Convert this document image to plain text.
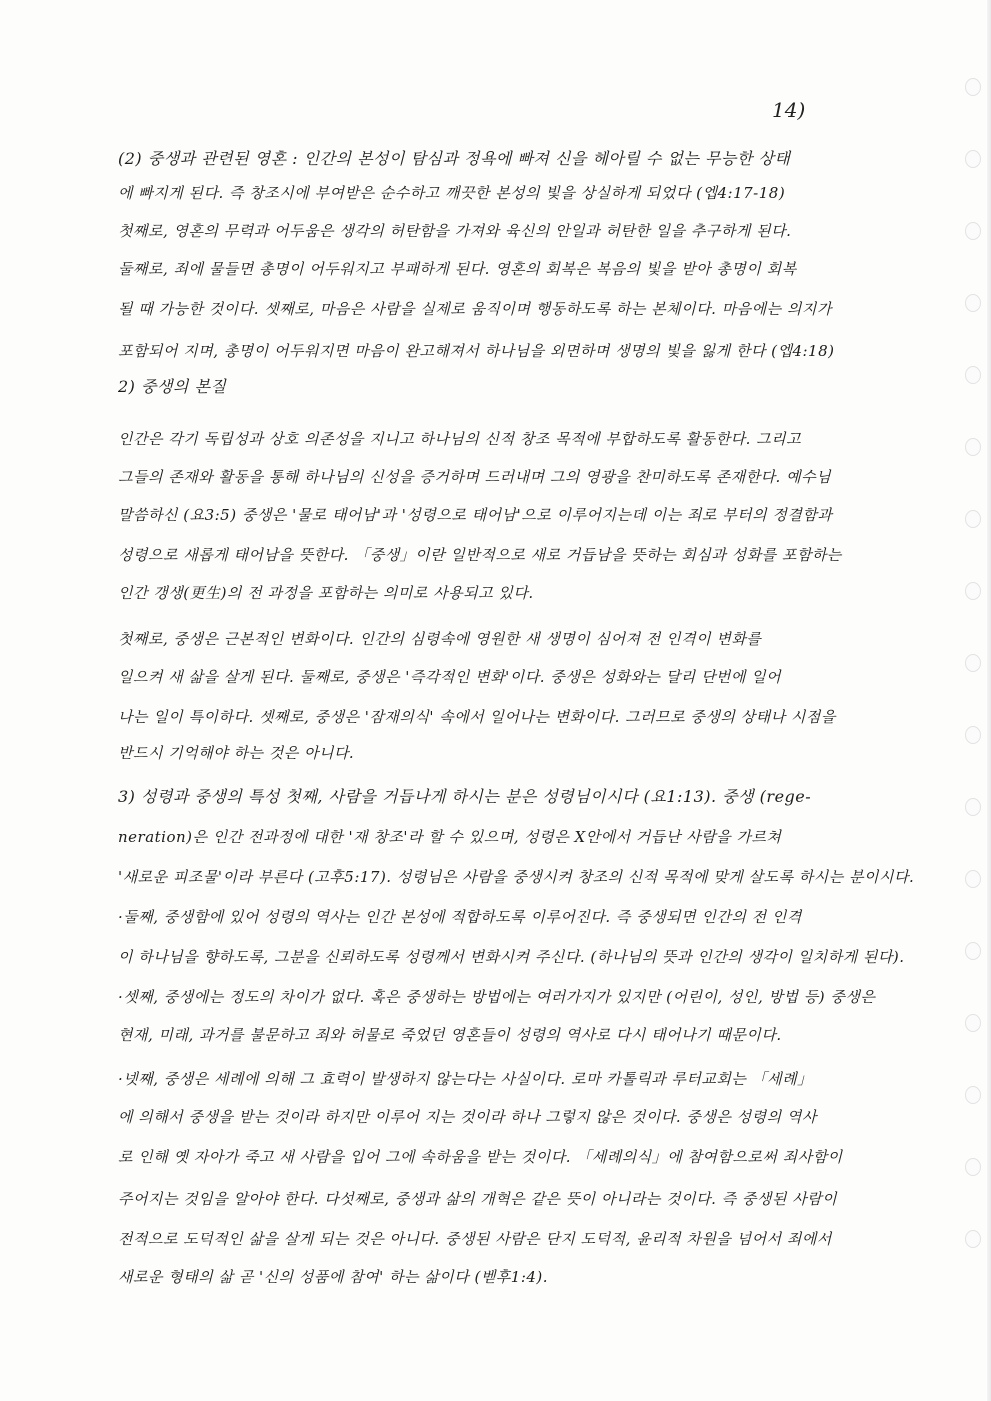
14)
(2) 중생과 관련된 영혼 : 인간의 본성이 탐심과 정욕에 빠져 신을 헤아릴 수 없는 무능한 상태
에 빠지게 된다. 즉 창조시에 부여받은 순수하고 깨끗한 본성의 빛을 상실하게 되었다 (엡4:17-18)
첫째로, 영혼의 무력과 어두움은 생각의 허탄함을 가져와 육신의 안일과 허탄한 일을 추구하게 된다.
둘째로, 죄에 물들면 총명이 어두워지고 부패하게 된다. 영혼의 회복은 복음의 빛을 받아 총명이 회복
될 때 가능한 것이다. 셋째로, 마음은 사람을 실제로 움직이며 행동하도록 하는 본체이다. 마음에는 의지가
포함되어 지며, 총명이 어두워지면 마음이 완고해져서 하나님을 외면하며 생명의 빛을 잃게 한다 (엡4:18)
2) 중생의 본질
인간은 각기 독립성과 상호 의존성을 지니고 하나님의 신적 창조 목적에 부합하도록 활동한다. 그리고
그들의 존재와 활동을 통해 하나님의 신성을 증거하며 드러내며 그의 영광을 찬미하도록 존재한다. 예수님
말씀하신 (요3:5) 중생은 '물로 태어남'과 '성령으로 태어남'으로 이루어지는데 이는 죄로 부터의 정결함과
성령으로 새롭게 태어남을 뜻한다. 「중생」이란 일반적으로 새로 거듭남을 뜻하는 회심과 성화를 포함하는
인간 갱생(更生)의 전 과정을 포함하는 의미로 사용되고 있다.
첫째로, 중생은 근본적인 변화이다. 인간의 심령속에 영원한 새 생명이 심어져 전 인격이 변화를
일으켜 새 삶을 살게 된다. 둘째로, 중생은 '즉각적인 변화'이다. 중생은 성화와는 달리 단번에 일어
나는 일이 특이하다. 셋째로, 중생은 '잠재의식' 속에서 일어나는 변화이다. 그러므로 중생의 상태나 시점을
반드시 기억해야 하는 것은 아니다.
3) 성령과 중생의 특성 첫째, 사람을 거듭나게 하시는 분은 성령님이시다 (요1:13). 중생 (rege-
neration)은 인간 전과정에 대한 '재 창조'라 할 수 있으며, 성령은 X안에서 거듭난 사람을 가르쳐
'새로운 피조물'이라 부른다 (고후5:17). 성령님은 사람을 중생시켜 창조의 신적 목적에 맞게 살도록 하시는 분이시다.
·둘째, 중생함에 있어 성령의 역사는 인간 본성에 적합하도록 이루어진다. 즉 중생되면 인간의 전 인격
이 하나님을 향하도록, 그분을 신뢰하도록 성령께서 변화시켜 주신다. (하나님의 뜻과 인간의 생각이 일치하게 된다).
·셋째, 중생에는 정도의 차이가 없다. 혹은 중생하는 방법에는 여러가지가 있지만 (어린이, 성인, 방법 등) 중생은
현재, 미래, 과거를 불문하고 죄와 허물로 죽었던 영혼들이 성령의 역사로 다시 태어나기 때문이다.
·넷째, 중생은 세례에 의해 그 효력이 발생하지 않는다는 사실이다. 로마 카톨릭과 루터교회는 「세례」
에 의해서 중생을 받는 것이라 하지만 이루어 지는 것이라 하나 그렇지 않은 것이다. 중생은 성령의 역사
로 인해 옛 자아가 죽고 새 사람을 입어 그에 속하움을 받는 것이다. 「세례의식」에 참여함으로써 죄사함이
주어지는 것임을 알아야 한다. 다섯째로, 중생과 삶의 개혁은 같은 뜻이 아니라는 것이다. 즉 중생된 사람이
전적으로 도덕적인 삶을 살게 되는 것은 아니다. 중생된 사람은 단지 도덕적, 윤리적 차원을 넘어서 죄에서
새로운 형태의 삶 곧 '신의 성품에 참여' 하는 삶이다 (벧후1:4).
